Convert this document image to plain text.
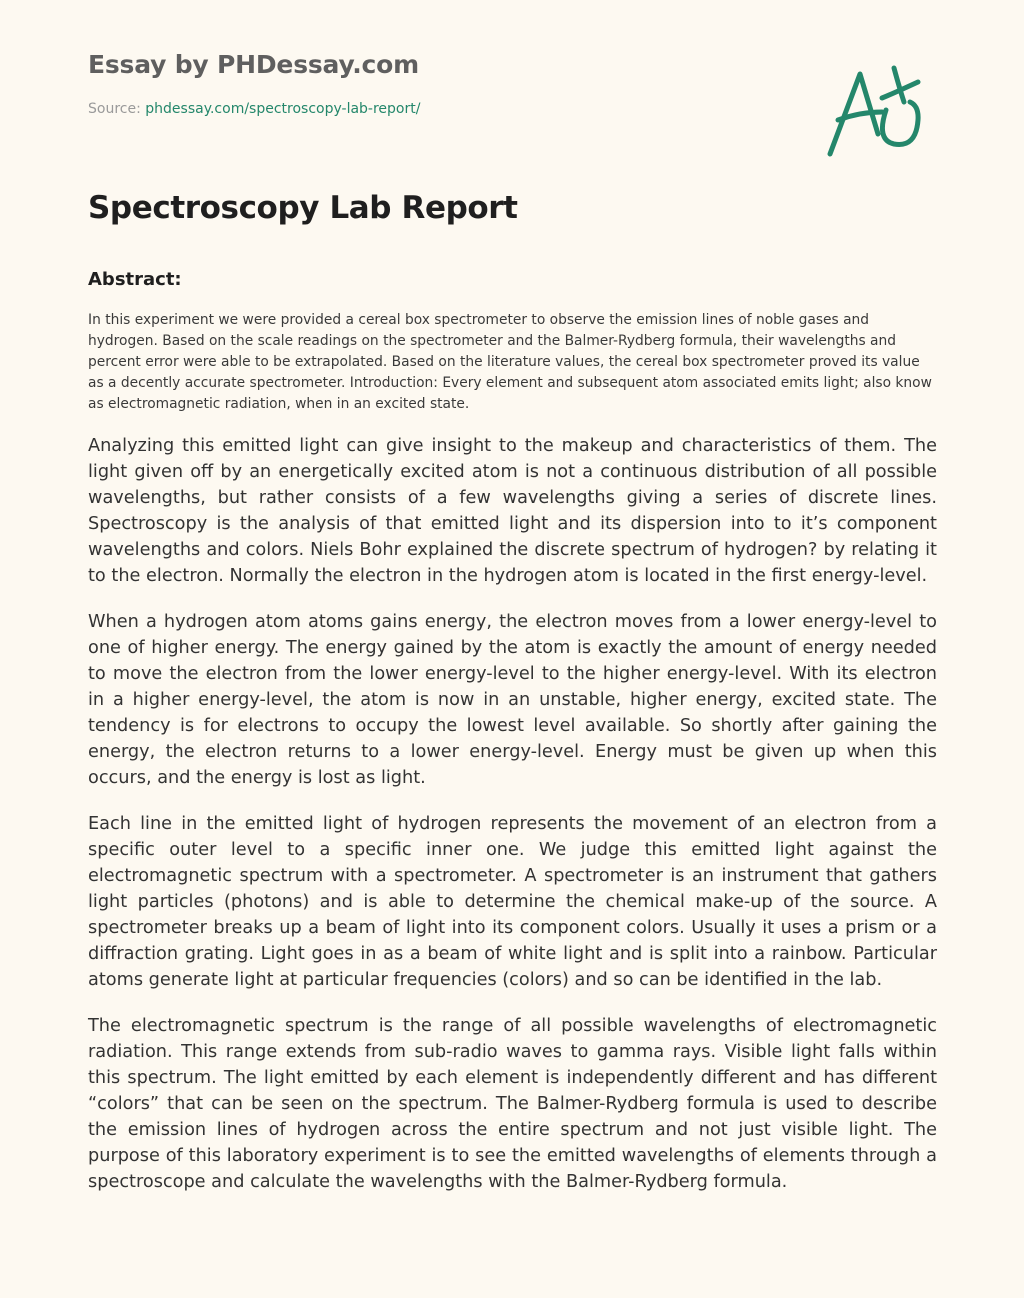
Essay by PHDessay.com
Source: phdessay.com/spectroscopy-lab-report/
Spectroscopy Lab Report
Abstract:

In this experiment we were provided a cereal box spectrometer to observe the emission lines of noble gases and hydrogen. Based on the scale readings on the spectrometer and the Balmer-Rydberg formula, their wavelengths and percent error were able to be extrapolated. Based on the literature values, the cereal box spectrometer proved its value as a decently accurate spectrometer. Introduction: Every element and subsequent atom associated emits light; also know as electromagnetic radiation, when in an excited state.

Analyzing this emitted light can give insight to the makeup and characteristics of them. The light given off by an energetically excited atom is not a continuous distribution of all possible wavelengths, but rather consists of a few wavelengths giving a series of discrete lines. Spectroscopy is the analysis of that emitted light and its dispersion into to it’s component wavelengths and colors. Niels Bohr explained the discrete spectrum of hydrogen? by relating it to the electron. Normally the electron in the hydrogen atom is located in the first energy-level.

When a hydrogen atom atoms gains energy, the electron moves from a lower energy-level to one of higher energy. The energy gained by the atom is exactly the amount of energy needed to move the electron from the lower energy-level to the higher energy-level. With its electron in a higher energy-level, the atom is now in an unstable, higher energy, excited state. The tendency is for electrons to occupy the lowest level available. So shortly after gaining the energy, the electron returns to a lower energy-level. Energy must be given up when this occurs, and the energy is lost as light.

Each line in the emitted light of hydrogen represents the movement of an electron from a specific outer level to a specific inner one. We judge this emitted light against the electromagnetic spectrum with a spectrometer. A spectrometer is an instrument that gathers light particles (photons) and is able to determine the chemical make-up of the source. A spectrometer breaks up a beam of light into its component colors. Usually it uses a prism or a diffraction grating. Light goes in as a beam of white light and is split into a rainbow. Particular atoms generate light at particular frequencies (colors) and so can be identified in the lab.

The electromagnetic spectrum is the range of all possible wavelengths of electromagnetic radiation. This range extends from sub-radio waves to gamma rays. Visible light falls within this spectrum. The light emitted by each element is independently different and has different “colors” that can be seen on the spectrum. The Balmer-Rydberg formula is used to describe the emission lines of hydrogen across the entire spectrum and not just visible light. The purpose of this laboratory experiment is to see the emitted wavelengths of elements through a spectroscope and calculate the wavelengths with the Balmer-Rydberg formula.
